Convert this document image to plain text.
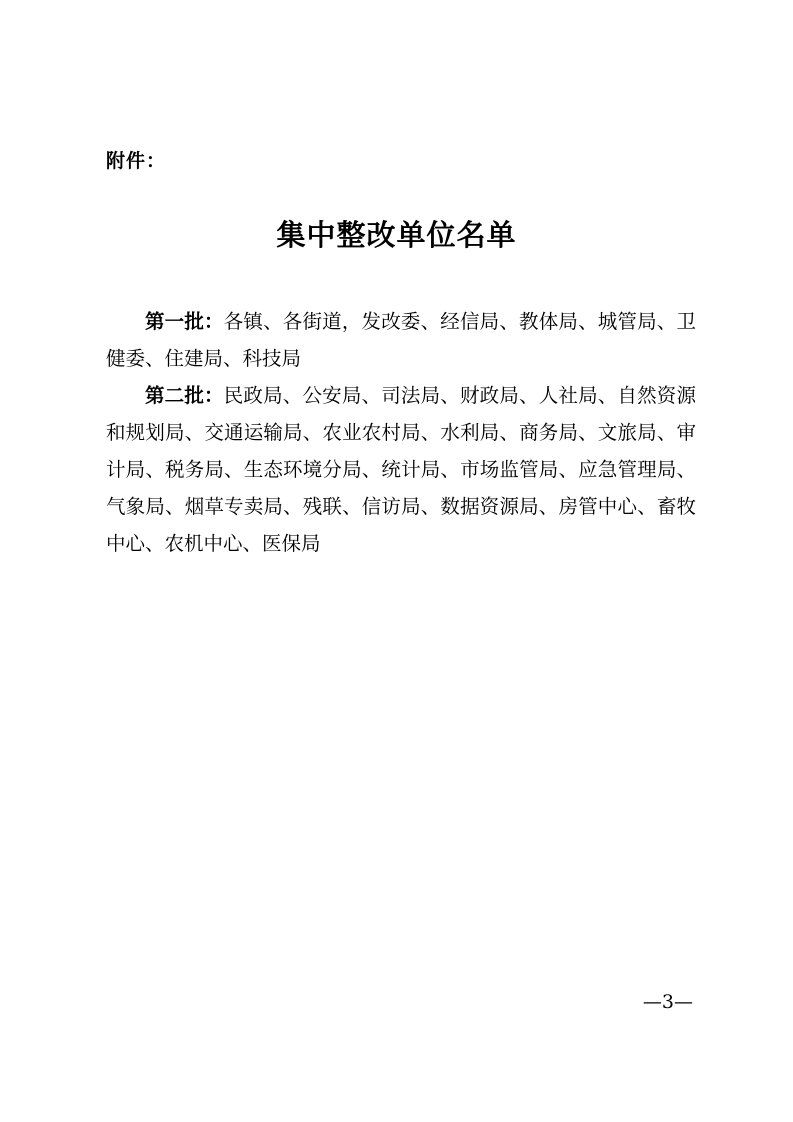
附件：
集中整改单位名单

第一批：各镇、各街道，发改委、经信局、教体局、城管局、卫健委、住建局、科技局

第二批：民政局、公安局、司法局、财政局、人社局、自然资源和规划局、交通运输局、农业农村局、水利局、商务局、文旅局、审计局、税务局、生态环境分局、统计局、市场监管局、应急管理局、气象局、烟草专卖局、残联、信访局、数据资源局、房管中心、畜牧中心、农机中心、医保局

—3—
